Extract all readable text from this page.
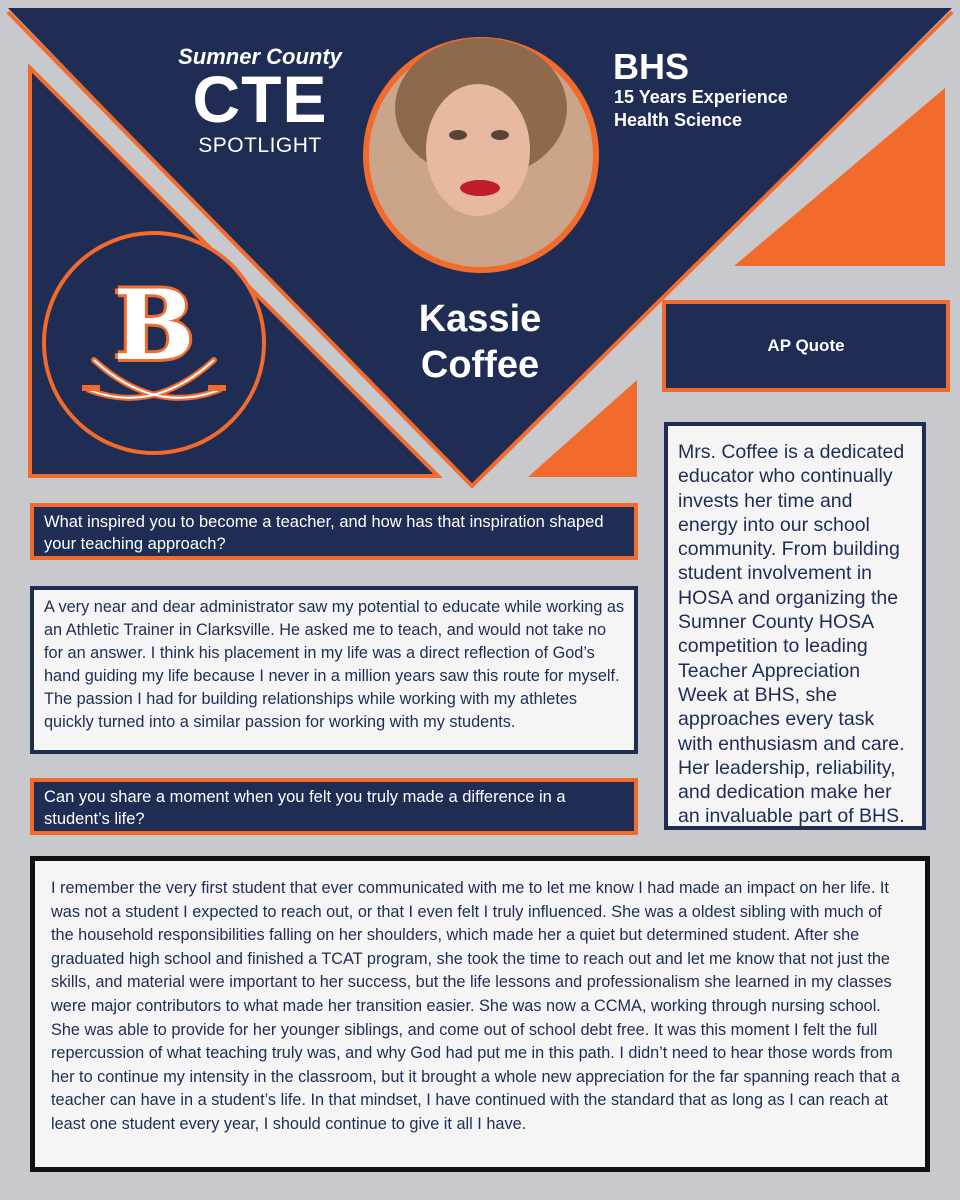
B
Sumner County
CTE
SPOTLIGHT
BHS
15 Years Experience
Health Science
Kassie
Coffee	AP Quote
Mrs. Coffee is a dedicated educator who continually invests her time and energy into our school community. From building student involvement in HOSA and organizing the Sumner County HOSA competition to leading Teacher Appreciation Week at BHS, she approaches every task with enthusiasm and care. Her leadership, reliability, and dedication make her an invaluable part of BHS.
What inspired you to become a teacher, and how has that inspiration shaped your teaching approach?
A very near and dear administrator saw my potential to educate while working as an Athletic Trainer in Clarksville. He asked me to teach, and would not take no for an answer. I think his placement in my life was a direct reflection of God’s hand guiding my life because I never in a million years saw this route for myself. The passion I had for building relationships while working with my athletes quickly turned into a similar passion for working with my students.
Can you share a moment when you felt you truly made a difference in a student’s life?
I remember the very first student that ever communicated with me to let me know I had made an impact on her life. It was not a student I expected to reach out, or that I even felt I truly influenced. She was a oldest sibling with much of the household responsibilities falling on her shoulders, which made her a quiet but determined student. After she graduated high school and finished a TCAT program, she took the time to reach out and let me know that not just the skills, and material were important to her success, but the life lessons and professionalism she learned in my classes were major contributors to what made her transition easier. She was now a CCMA, working through nursing school. She was able to provide for her younger siblings, and come out of school debt free. It was this moment I felt the full repercussion of what teaching truly was, and why God had put me in this path. I didn’t need to hear those words from her to continue my intensity in the classroom, but it brought a whole new appreciation for the far spanning reach that a teacher can have in a student’s life. In that mindset, I have continued with the standard that as long as I can reach at least one student every year, I should continue to give it all I have.
